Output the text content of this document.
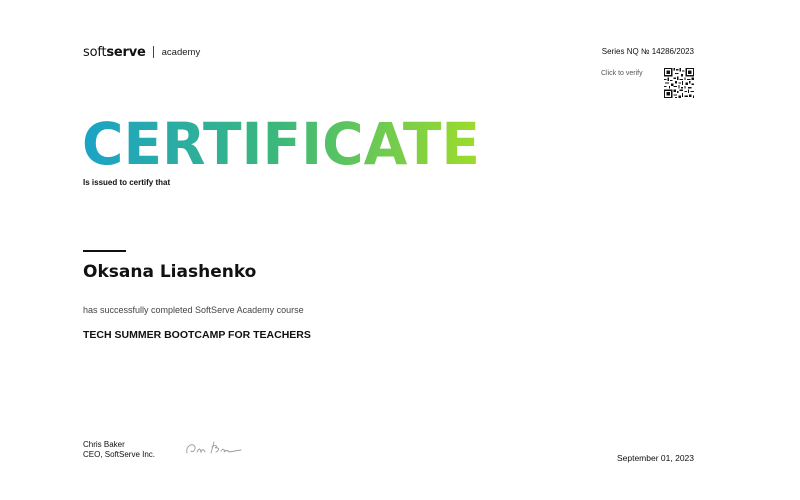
soft serve academy	Series NQ № 14286/2023
Click to verify
CERTIFICATE
Is issued to certify that
Oksana Liashenko
has successfully completed SoftServe Academy course
TECH SUMMER BOOTCAMP FOR TEACHERS
Chris Baker
CEO, SoftServe Inc.	September 01, 2023
